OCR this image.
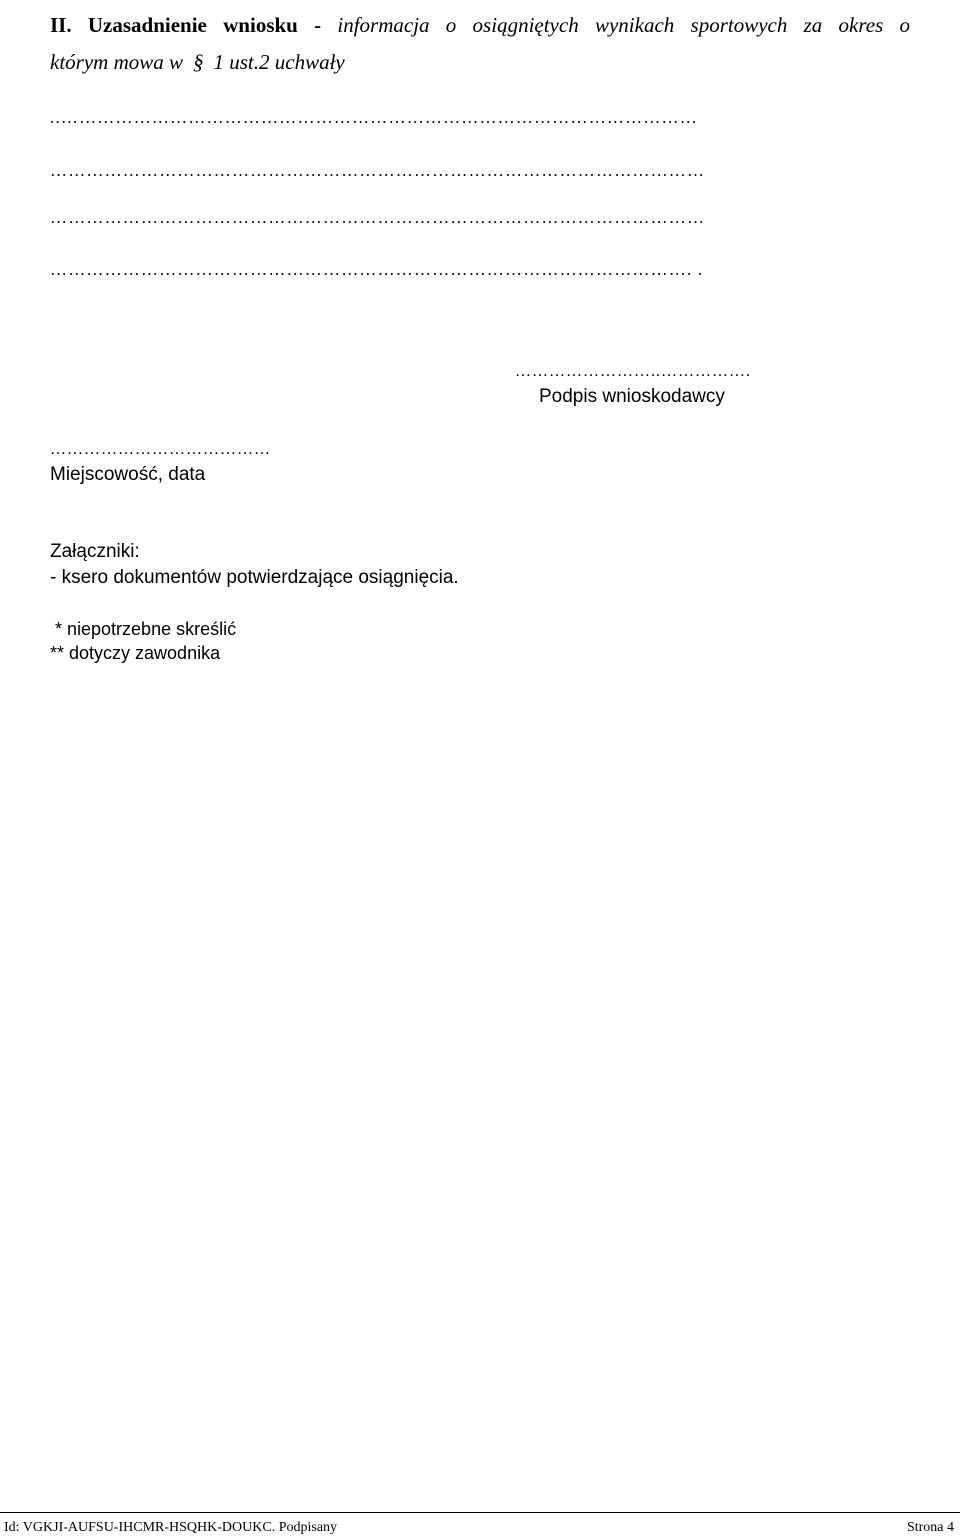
II. Uzasadnienie wniosku - informacja o osiągniętych wynikach sportowych za okres o
którym mowa w § 1 ust.2 uchwały
..……………………………………………………………………………………………
………………………………………………………………………………………………
………………………………………………………………………………………………
……………………………………………………………………………………………. .
……………………..…………….
Podpis wnioskodawcy
…………………………………
Miejscowość, data
Załączniki:
- ksero dokumentów potwierdzające osiągnięcia.
* niepotrzebne skreślić
** dotyczy zawodnika
Id: VGKJI-AUFSU-IHCMR-HSQHK-DOUKC. Podpisany	Strona 4
